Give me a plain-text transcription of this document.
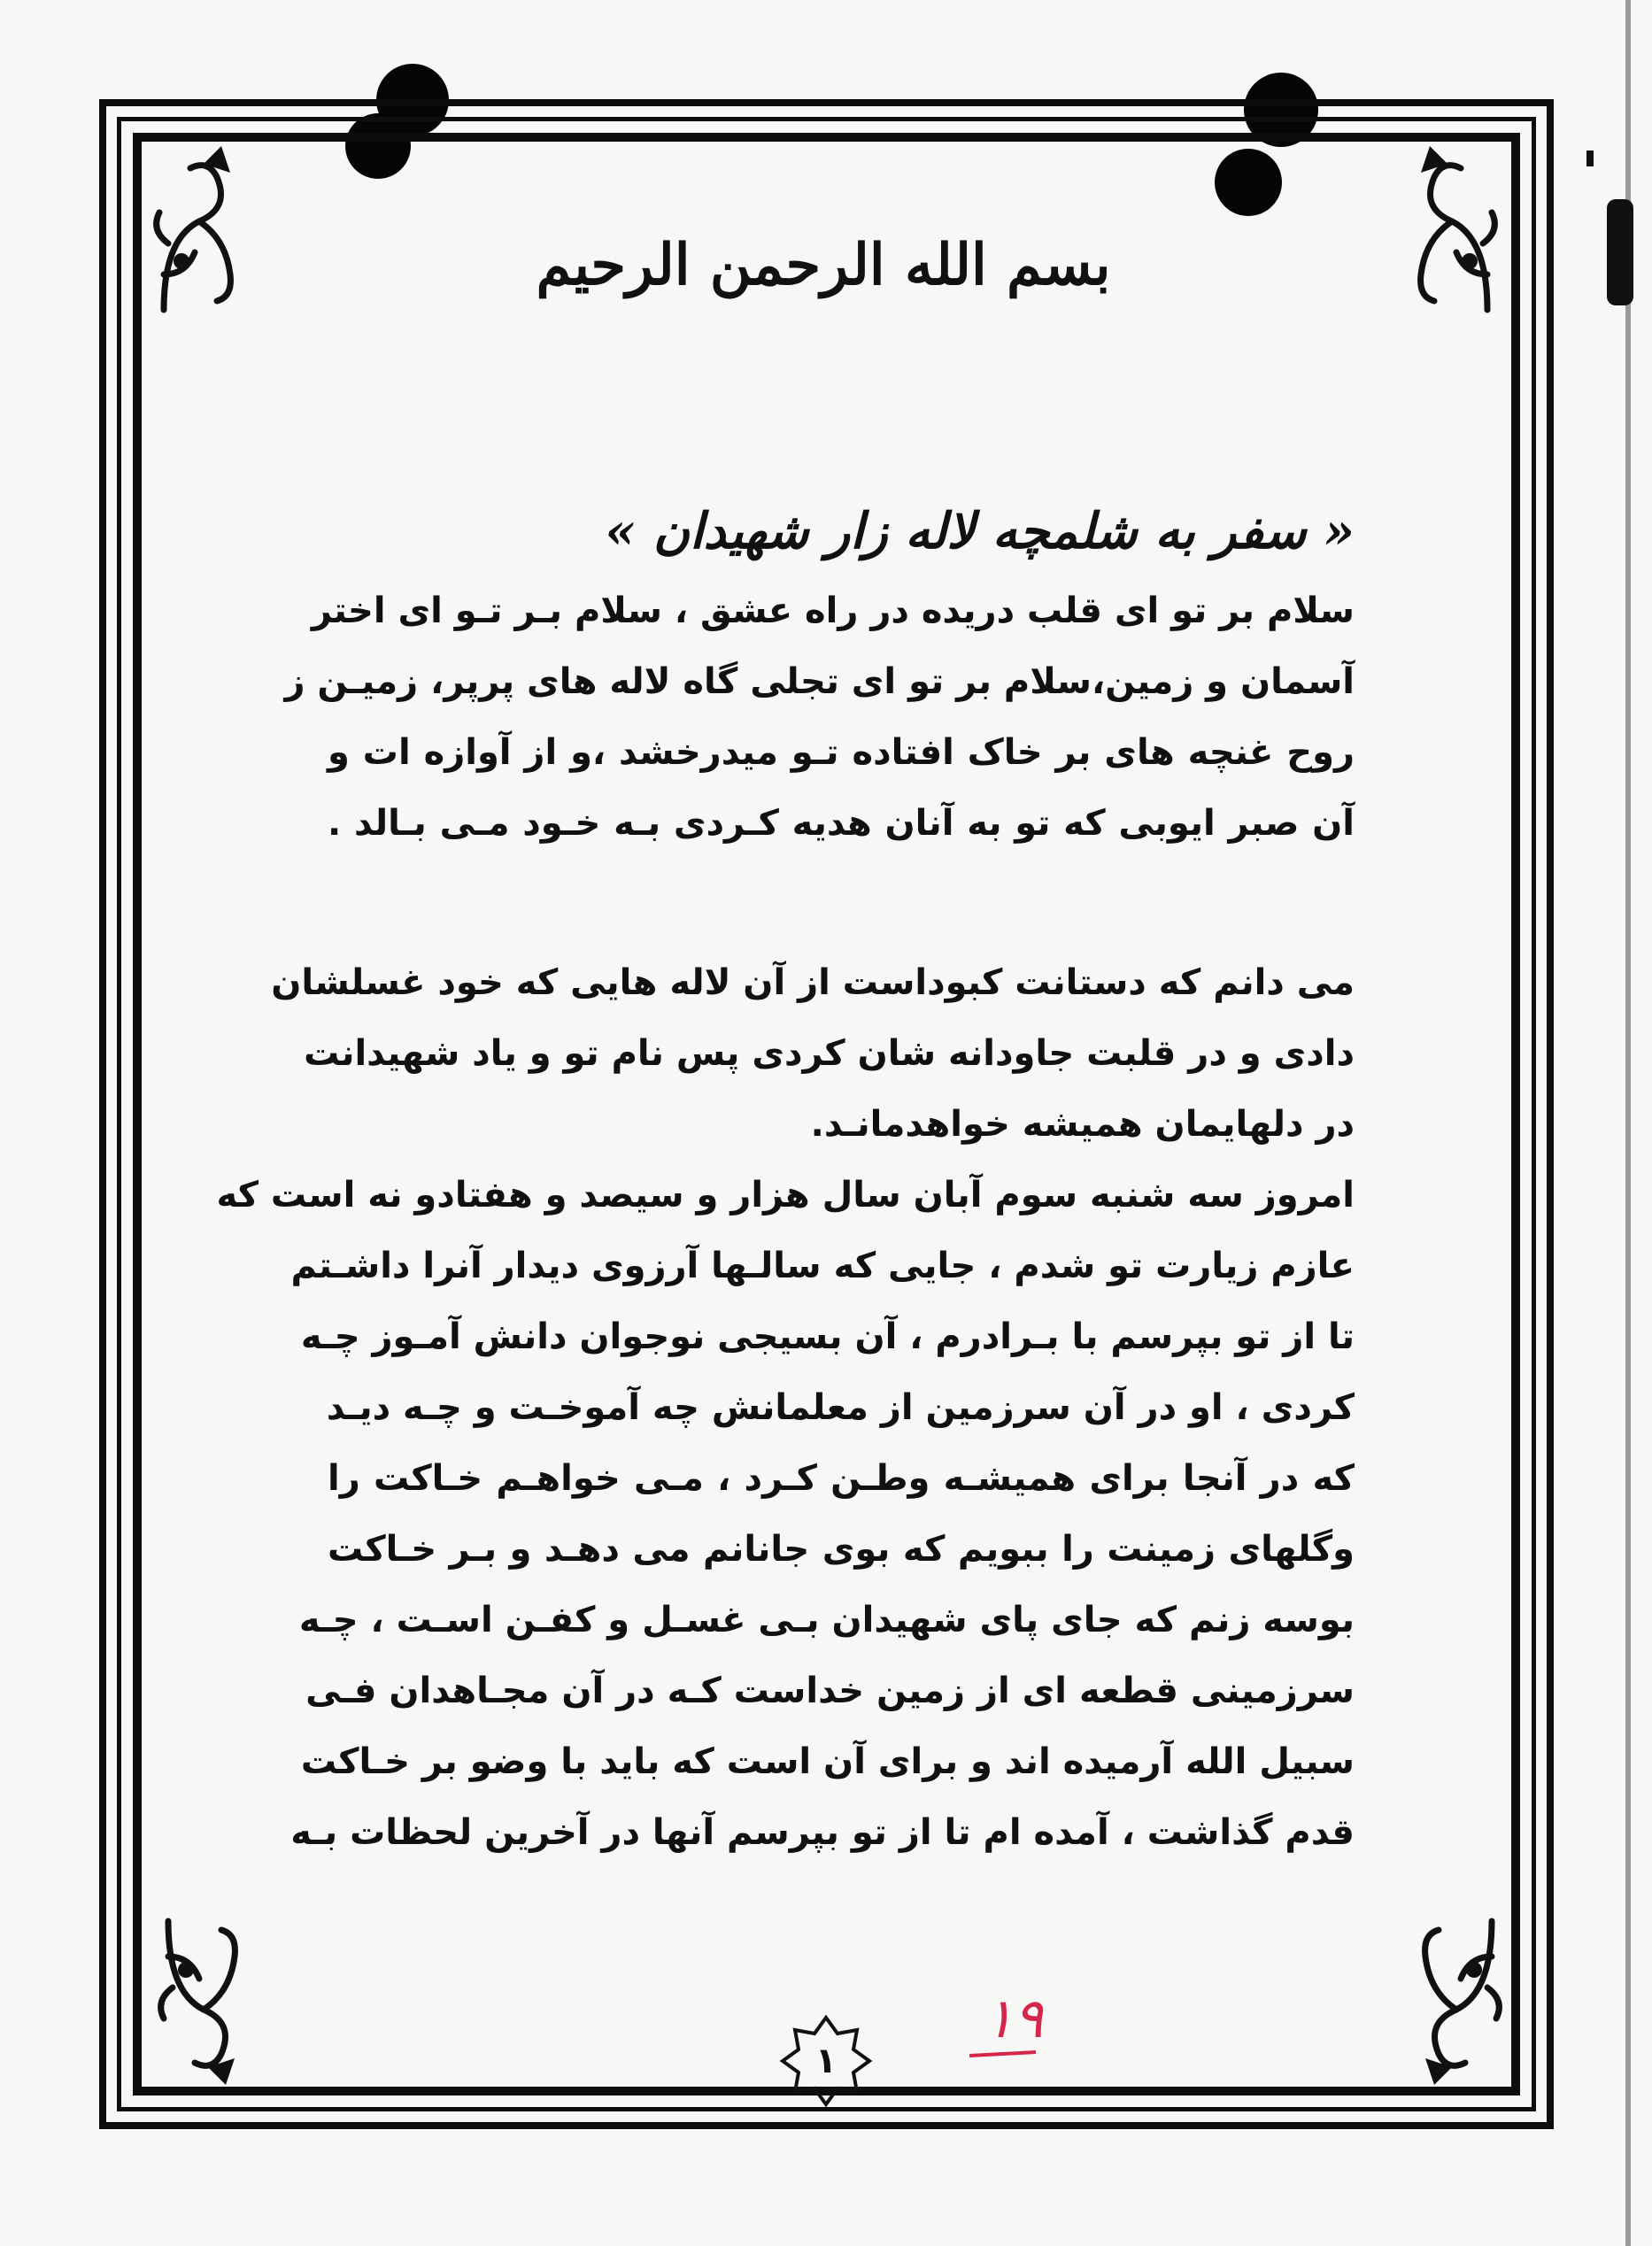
بسم الله الرحمن الرحیم
« سفر به شلمچه لاله زار شهیدان »
سلام بر تو ای قلب دریده در راه عشق ، سلام بـر تـو ای اختر
آسمان و زمین،سلام بر تو ای تجلی گاه لاله های پرپر، زمیـن ز
روح غنچه های بر خاک افتاده تـو میدرخشد ،و از آوازه ات و
آن صبر ایوبی که تو به آنان هدیه کـردی بـه خـود مـی بـالد .
می دانم که دستانت کبوداست از آن لاله هایی که خود غسلشان
دادی و در قلبت جاودانه شان کردی پس نام تو و یاد شهیدانت
در دلهایمان همیشه خواهدمانـد.
امروز سه شنبه سوم آبان سال هزار و سیصد و هفتادو نه است که
عازم زیارت تو شدم ، جایی که سالـها آرزوی دیدار آنرا داشـتم
تا از تو بپرسم با بـرادرم ، آن بسیجی نوجوان دانش آمـوز چـه
کردی ، او در آن سرزمین از معلمانش چه آموخـت و چـه دیـد
که در آنجا برای همیشـه وطـن کـرد ، مـی خواهـم خـاکت را
وگلهای زمینت را ببویم که بوی جانانم می دهـد و بـر خـاکت
بوسه زنم که جای پای شهیدان بـی غسـل و کفـن اسـت ، چـه
سرزمینی قطعه ای از زمین خداست کـه در آن مجـاهدان فـی
سبیل الله آرمیده اند و برای آن است که باید با وضو بر خـاکت
قدم گذاشت ، آمده ام تا از تو بپرسم آنها در آخرین لحظات بـه
۱
۱۹
